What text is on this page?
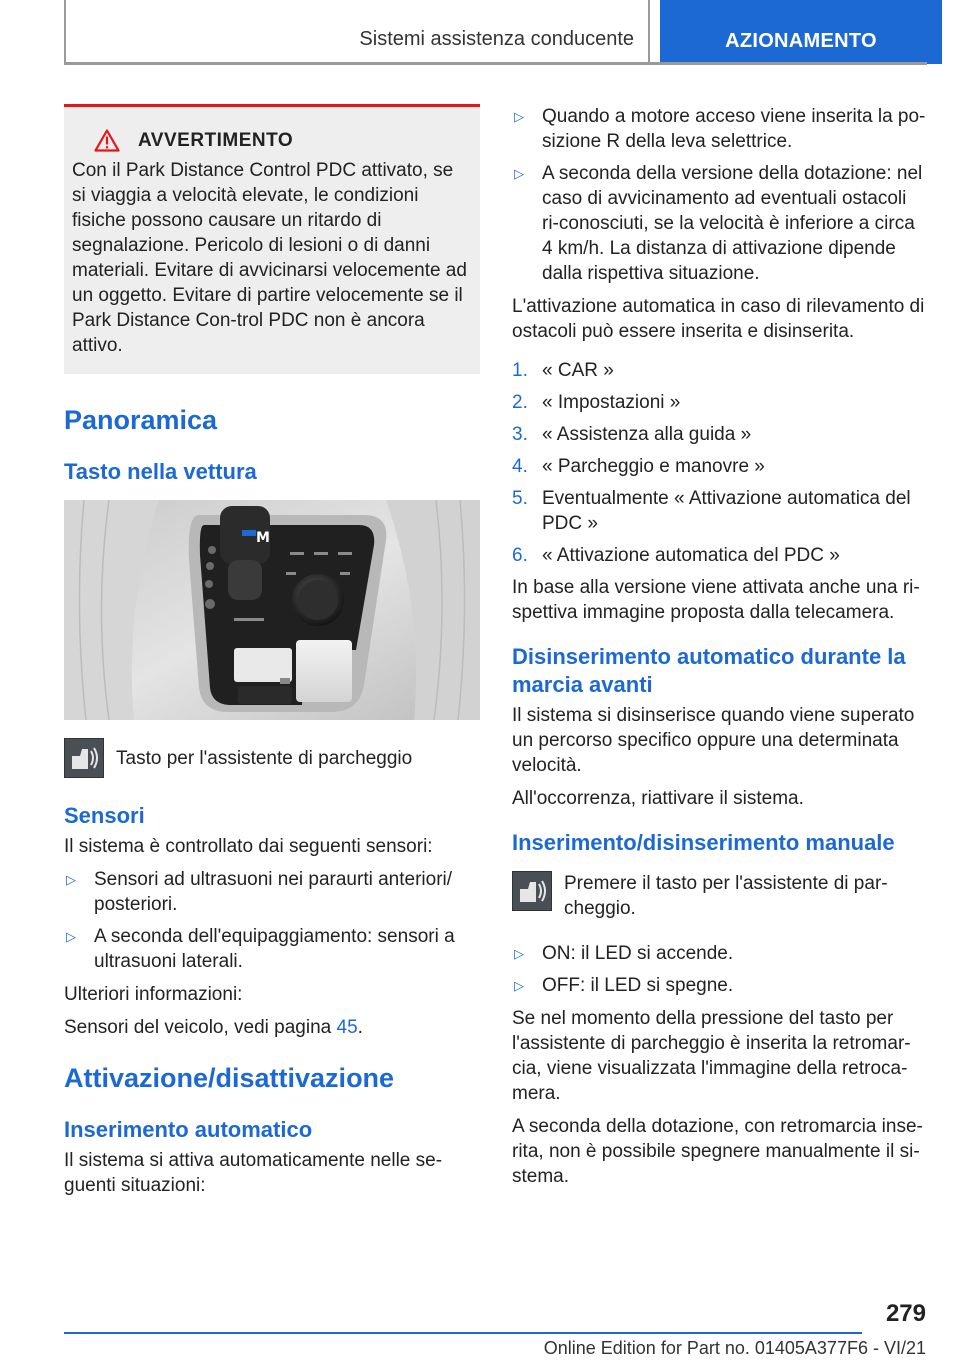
Sistemi assistenza conducente	AZIONAMENTO
AVVERTIMENTO

Con il Park Distance Control PDC attivato, se si viaggia a velocità elevate, le condizioni fisiche possono causare un ritardo di segnalazione. Pericolo di lesioni o di danni materiali. Evitare di avvicinarsi velocemente ad un oggetto. Evitare di partire velocemente se il Park Distance Con-trol PDC non è ancora attivo.

Panoramica
Tasto nella vettura
M
Tasto per l'assistente di parcheggio
Sensori

Il sistema è controllato dai seguenti sensori:

▷ Sensori ad ultrasuoni nei paraurti anteriori/ posteriori.
▷ A seconda dell'equipaggiamento: sensori a ultrasuoni laterali.

Ulteriori informazioni:

Sensori del veicolo, vedi pagina 45.

Attivazione/disattivazione
Inserimento automatico

Il sistema si attiva automaticamente nelle se-guenti situazioni:

▷ Quando a motore acceso viene inserita la po-sizione R della leva selettrice.
▷ A seconda della versione della dotazione: nel caso di avvicinamento ad eventuali ostacoli ri-conosciuti, se la velocità è inferiore a circa 4 km/h. La distanza di attivazione dipende dalla rispettiva situazione.

L'attivazione automatica in caso di rilevamento di ostacoli può essere inserita e disinserita.

1. « CAR »
2. « Impostazioni »
3. « Assistenza alla guida »
4. « Parcheggio e manovre »
5. Eventualmente « Attivazione automatica del PDC »
6. « Attivazione automatica del PDC »

In base alla versione viene attivata anche una ri-spettiva immagine proposta dalla telecamera.

Disinserimento automatico durante la marcia avanti

Il sistema si disinserisce quando viene superato un percorso specifico oppure una determinata velocità.

All'occorrenza, riattivare il sistema.

Inserimento/disinserimento manuale
Premere il tasto per l'assistente di par-cheggio.
▷ ON: il LED si accende.
▷ OFF: il LED si spegne.

Se nel momento della pressione del tasto per l'assistente di parcheggio è inserita la retromar-cia, viene visualizzata l'immagine della retroca-mera.

A seconda della dotazione, con retromarcia inse-rita, non è possibile spegnere manualmente il si-stema.

279
Online Edition for Part no. 01405A377F6 - VI/21
